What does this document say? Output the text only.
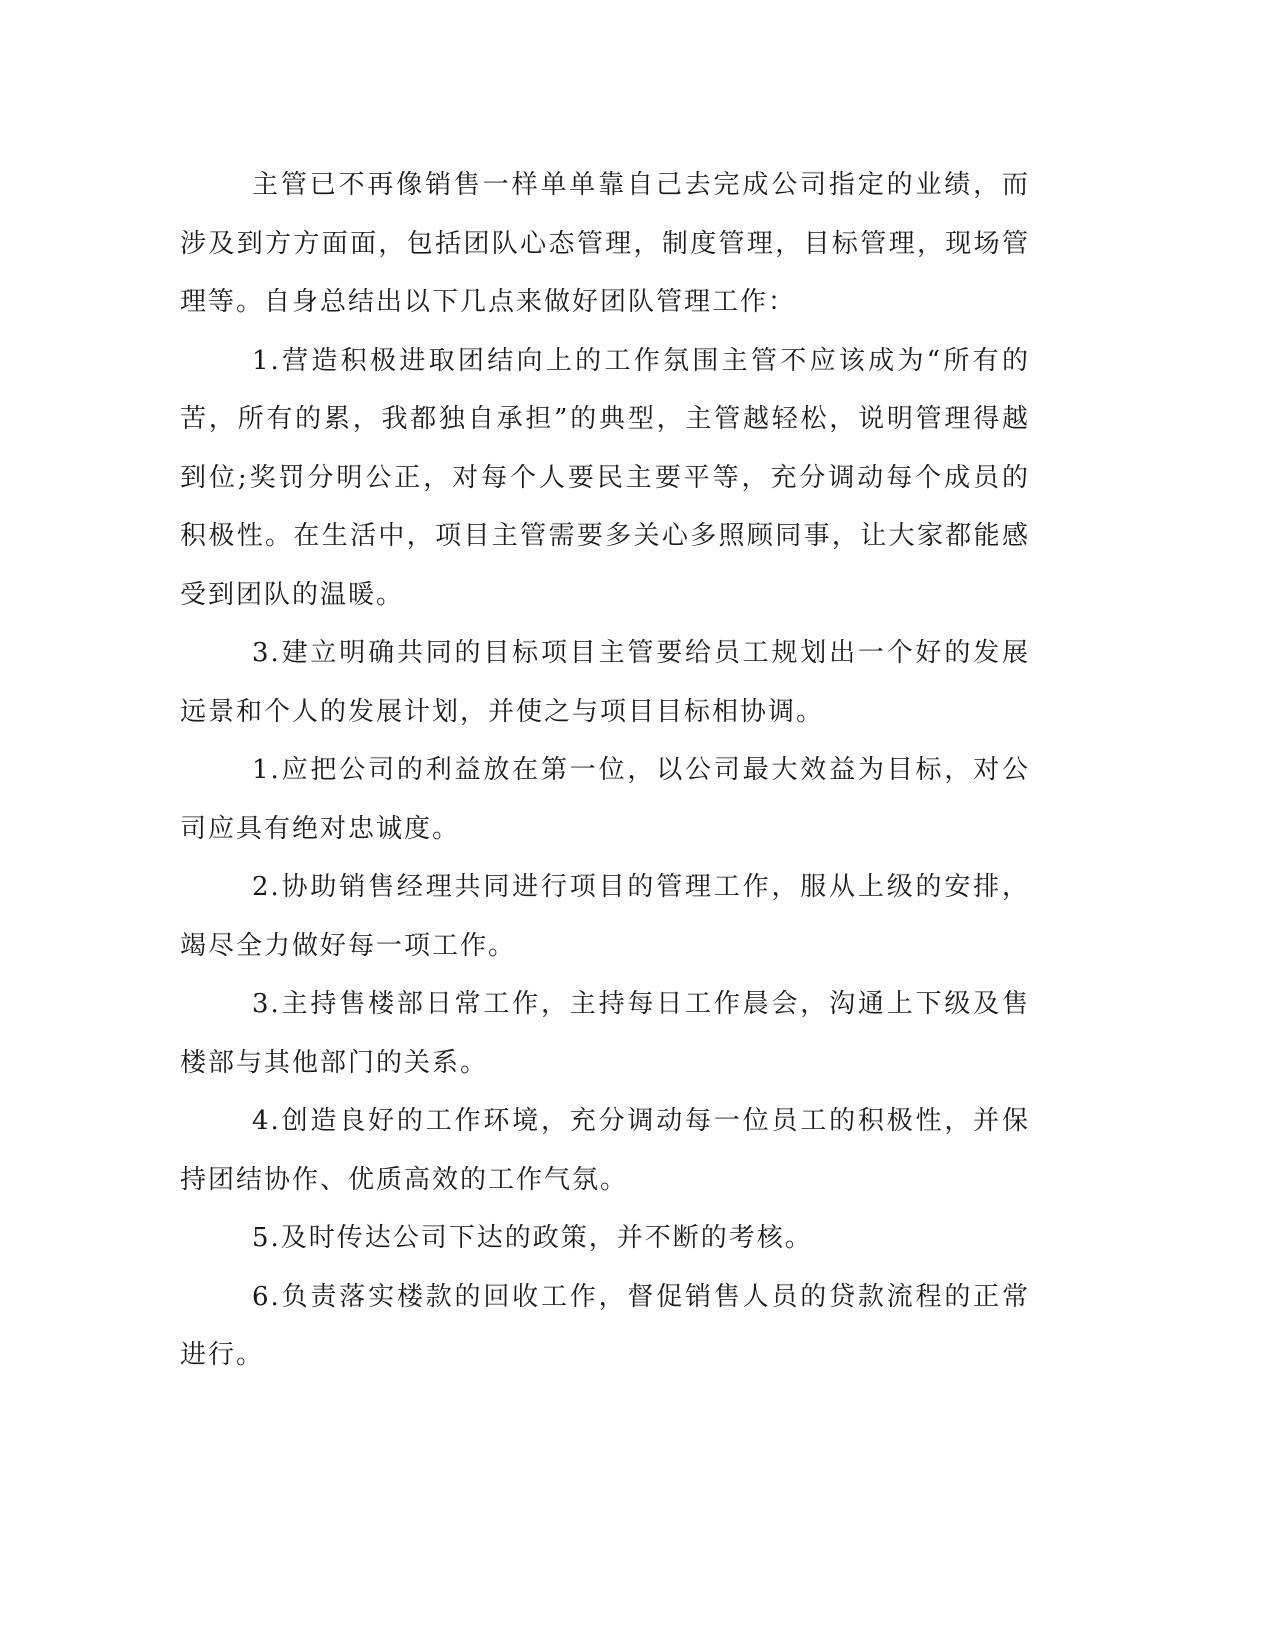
主管已不再像销售一样单单靠自己去完成公司指定的业绩，而涉及到方方面面，包括团队心态管理，制度管理，目标管理，现场管理等。自身总结出以下几点来做好团队管理工作：

1.营造积极进取团结向上的工作氛围主管不应该成为“所有的苦，所有的累，我都独自承担”的典型，主管越轻松，说明管理得越到位;奖罚分明公正，对每个人要民主要平等，充分调动每个成员的积极性。在生活中，项目主管需要多关心多照顾同事，让大家都能感受到团队的温暖。

3.建立明确共同的目标项目主管要给员工规划出一个好的发展远景和个人的发展计划，并使之与项目目标相协调。

1.应把公司的利益放在第一位，以公司最大效益为目标，对公司应具有绝对忠诚度。

2.协助销售经理共同进行项目的管理工作，服从上级的安排，竭尽全力做好每一项工作。

3.主持售楼部日常工作，主持每日工作晨会，沟通上下级及售楼部与其他部门的关系。

4.创造良好的工作环境，充分调动每一位员工的积极性，并保持团结协作、优质高效的工作气氛。

5.及时传达公司下达的政策，并不断的考核。

6.负责落实楼款的回收工作，督促销售人员的贷款流程的正常进行。
